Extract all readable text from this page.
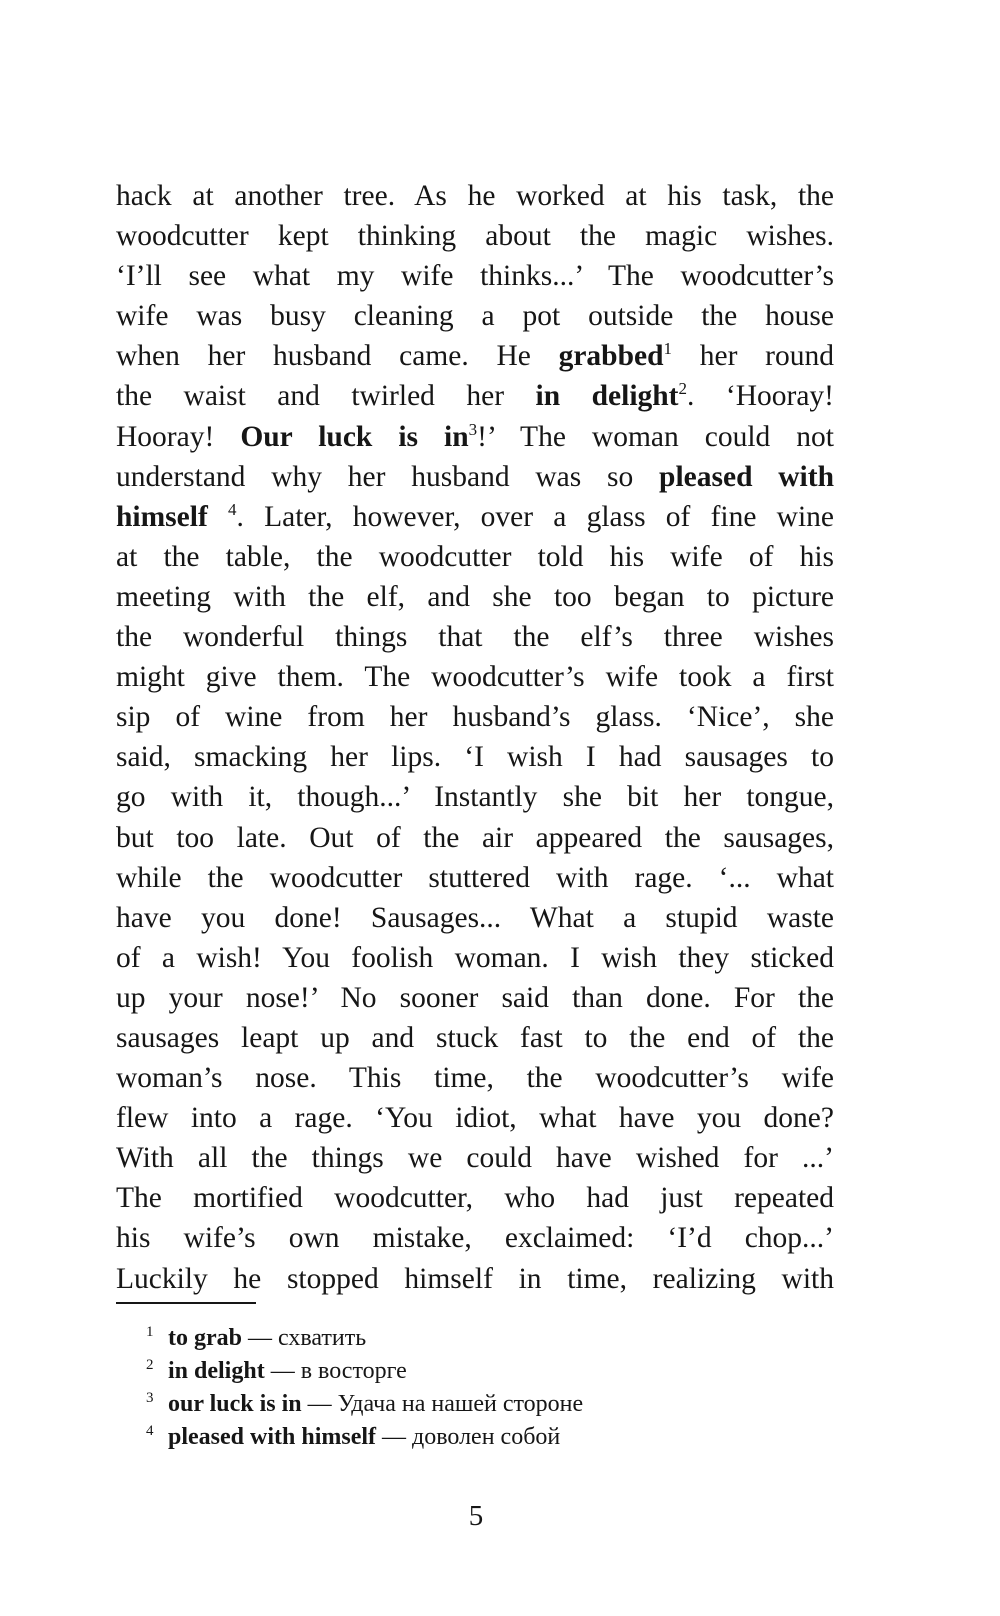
hack at another tree. As he worked at his task, the
woodcutter kept thinking about the magic wishes.
‘I’ll see what my wife thinks...’ The woodcutter’s
wife was busy cleaning a pot outside the house
when her husband came. He grabbed$^1$ her round
the waist and twirled her in delight$^2$. ‘Hooray!
Hooray! Our luck is $in^3$!’ The woman could not
understand why her husband was so pleased with
himself $^4$. Later, however, over a glass of fine wine
at the table, the woodcutter told his wife of his
meeting with the elf, and she too began to picture
the wonderful things that the elf’s three wishes
might give them. The woodcutter’s wife took a first
sip of wine from her husband’s glass. ‘Nice’, she
said, smacking her lips. ‘I wish I had sausages to
go with it, though...’ Instantly she bit her tongue,
but too late. Out of the air appeared the sausages,
while the woodcutter stuttered with rage. ‘... what
have you done! Sausages... What a stupid waste
of a wish! You foolish woman. I wish they sticked
up your nose!’ No sooner said than done. For the
sausages leapt up and stuck fast to the end of the
woman’s nose. This time, the woodcutter’s wife
flew into a rage. ‘You idiot, what have you done?
With all the things we could have wished for ...’
The mortified woodcutter, who had just repeated
his wife’s own mistake, exclaimed: ‘I’d chop...’
Luckily he stopped himself in time, realizing with
1 to grab — схватить
2 in delight — в восторге
3 our luck is in — Удача на нашей стороне
4 pleased with himself — доволен собой
5
